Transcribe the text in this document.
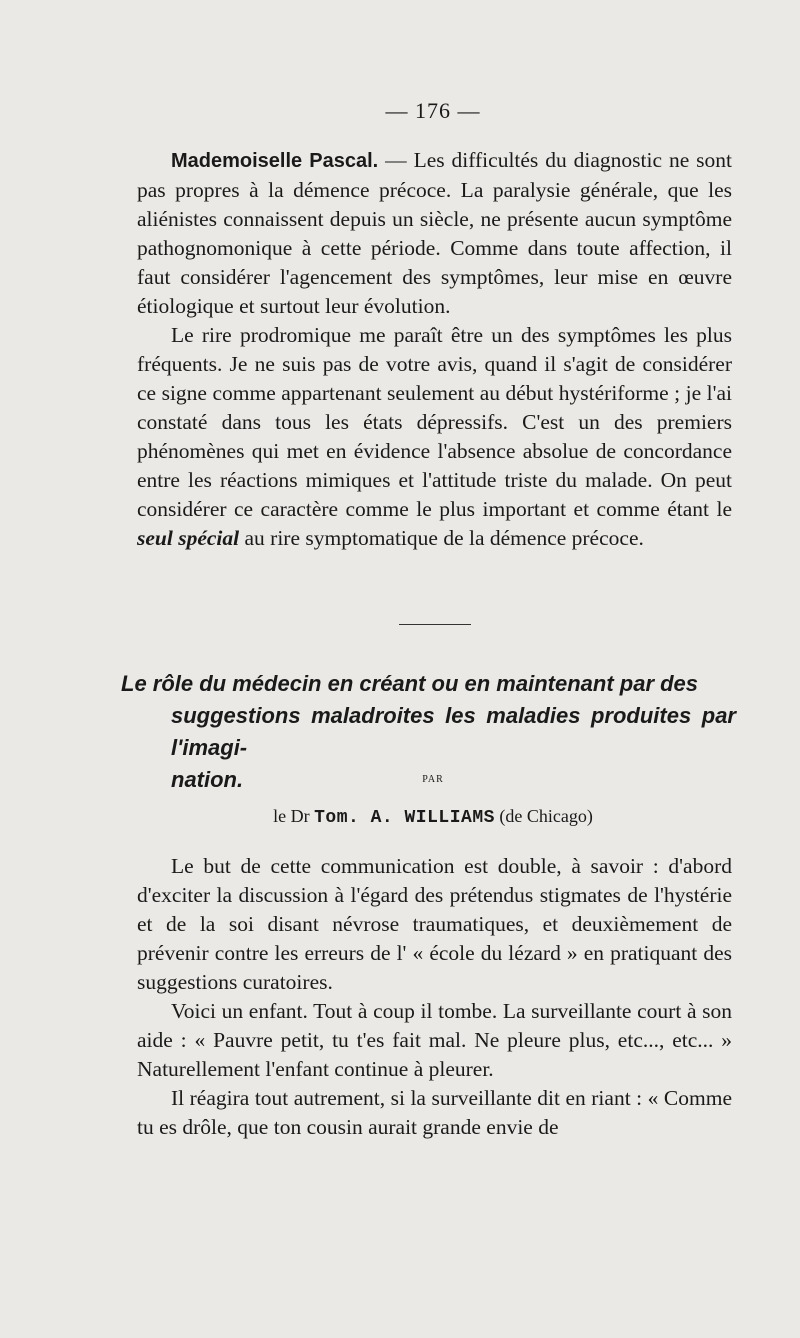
— 176 —

Mademoiselle Pascal. — Les difficultés du diagnostic ne sont pas propres à la démence précoce. La paralysie générale, que les aliénistes connaissent depuis un siècle, ne présente aucun symptôme pathognomonique à cette période. Comme dans toute affection, il faut considérer l'agencement des symptômes, leur mise en œuvre étiologique et surtout leur évolution.

Le rire prodromique me paraît être un des symptômes les plus fréquents. Je ne suis pas de votre avis, quand il s'agit de considérer ce signe comme appartenant seulement au début hystériforme ; je l'ai constaté dans tous les états dépressifs. C'est un des premiers phénomènes qui met en évidence l'absence absolue de concordance entre les réactions mimiques et l'attitude triste du malade. On peut considérer ce caractère comme le plus important et comme étant le seul spécial au rire symptomatique de la démence précoce.

Le rôle du médecin en créant ou en maintenant par des
suggestions maladroites les maladies produites par l'imagi-
nation.	PAR
le Dr Tom. A. WILLIAMS (de Chicago)

Le but de cette communication est double, à savoir : d'abord d'exciter la discussion à l'égard des prétendus stigmates de l'hystérie et de la soi disant névrose traumatiques, et deuxièmement de prévenir contre les erreurs de l' « école du lézard » en pratiquant des suggestions curatoires.

Voici un enfant. Tout à coup il tombe. La surveillante court à son aide : « Pauvre petit, tu t'es fait mal. Ne pleure plus, etc..., etc... » Naturellement l'enfant continue à pleurer.

Il réagira tout autrement, si la surveillante dit en riant : « Comme tu es drôle, que ton cousin aurait grande envie de
